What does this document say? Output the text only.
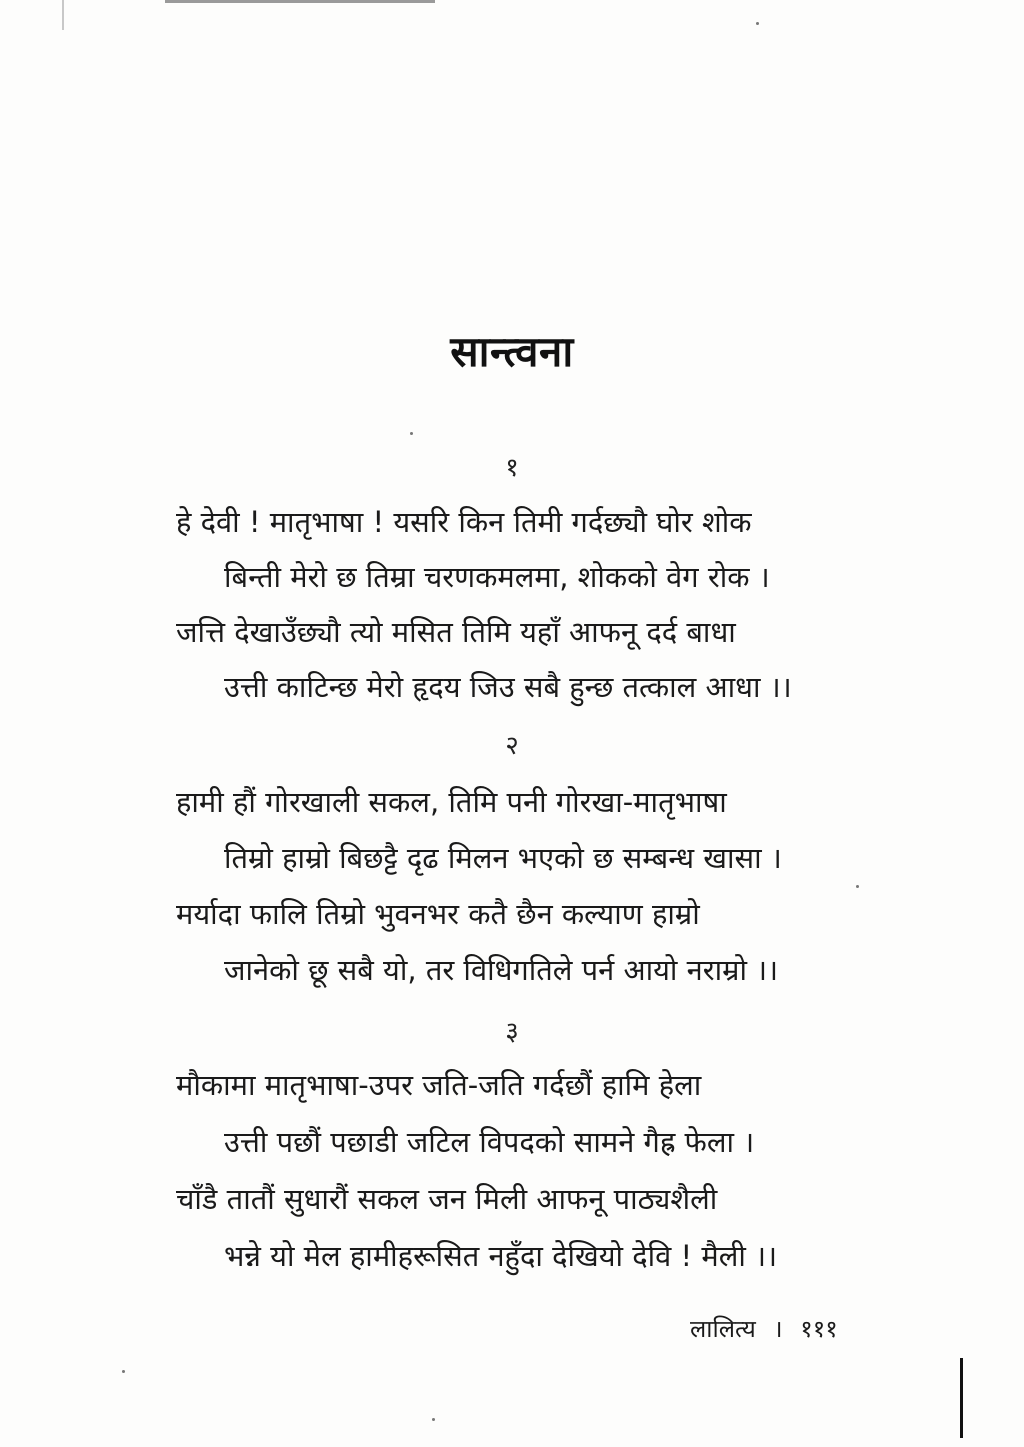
सान्त्वना
१
हे देवी ! मातृभाषा ! यसरि किन तिमी गर्दछ्यौ घोर शोक
बिन्ती मेरो छ तिम्रा चरणकमलमा, शोकको वेग रोक ।
जत्ति देखाउँछ्यौ त्यो मसित तिमि यहाँ आफनू दर्द बाधा
उत्ती काटिन्छ मेरो हृदय जिउ सबै हुन्छ तत्काल आधा ।।
२
हामी हौं गोरखाली सकल, तिमि पनी गोरखा-मातृभाषा
तिम्रो हाम्रो बिछट्टै दृढ मिलन भएको छ सम्बन्ध खासा ।
मर्यादा फालि तिम्रो भुवनभर कतै छैन कल्याण हाम्रो
जानेको छू सबै यो, तर विधिगतिले पर्न आयो नराम्रो ।।
३
मौकामा मातृभाषा-उपर जति-जति गर्दछौं हामि हेला
उत्ती पछौं पछाडी जटिल विपदको सामने गैह्र फेला ।
चाँडै तातौं सुधारौं सकल जन मिली आफनू पाठ्यशैली
भन्ने यो मेल हामीहरूसित नहुँदा देखियो देवि ! मैली ।।
लालित्य । १११
